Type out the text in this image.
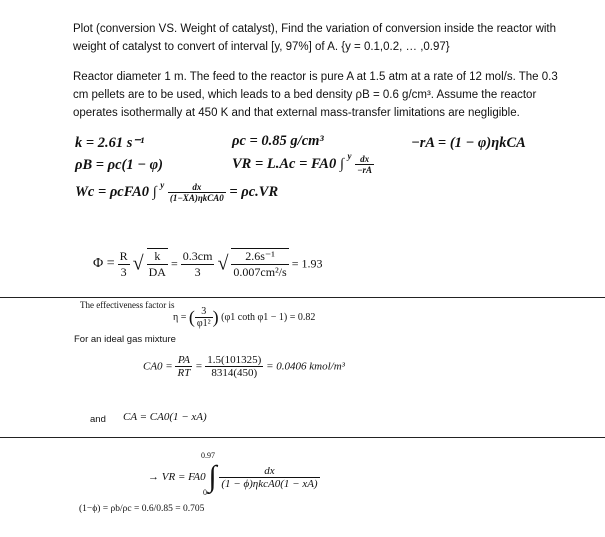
Plot (conversion VS. Weight of catalyst), Find the variation of conversion inside the reactor with
weight of catalyst to convert of interval [y, 97%] of A. {y = 0.1,0.2, … ,0.97}
Reactor diameter 1 m. The feed to the reactor is pure A at 1.5 atm at a rate of 12 mol/s. The 0.3
cm pellets are to be used, which leads to a bed density ρB = 0.6 g/cm³. Assume the reactor
operates isothermally at 450 K and that external mass-transfer limitations are negligible.
k = 2.61 s⁻¹	ρc = 0.85 g/cm³	−rA = (1 − φ)ηkCA
ρB = ρc(1 − φ)	VR = L.Ac = FA0 ∫ $^y \frac{dx}{-rA}$
Wc = ρcFA0 ∫ $^y \frac{dx}{\text{(1−XA)ηkCA0}} = \rho c.VR$
$\Phi = \frac{R}{3}$ √ $\frac{k}{DA} = \frac{0.3cm}{3}$ √ $\frac{\text{2.6s⁻¹}}{\text{0.007cm²/s}} = 1.93$
The effectiveness factor is
η = ( $\frac{3}{\text{φ1²}}$ ) (φ1 coth φ1 − 1) = 0.82
For an ideal gas mixture
$CA0 = \frac{PA}{RT} = \frac{1.5(101325)}{8314(450)} = 0.0406$ kmol/m³
and CA = CA0(1 − xA)
0.97
→ VR = FA0 ∫ $\frac{dx}{\text{(1 − ϕ)ηkcA0(1 − xA)}}$
0
(1−ϕ) = ρb/ρc = 0.6/0.85 = 0.705
